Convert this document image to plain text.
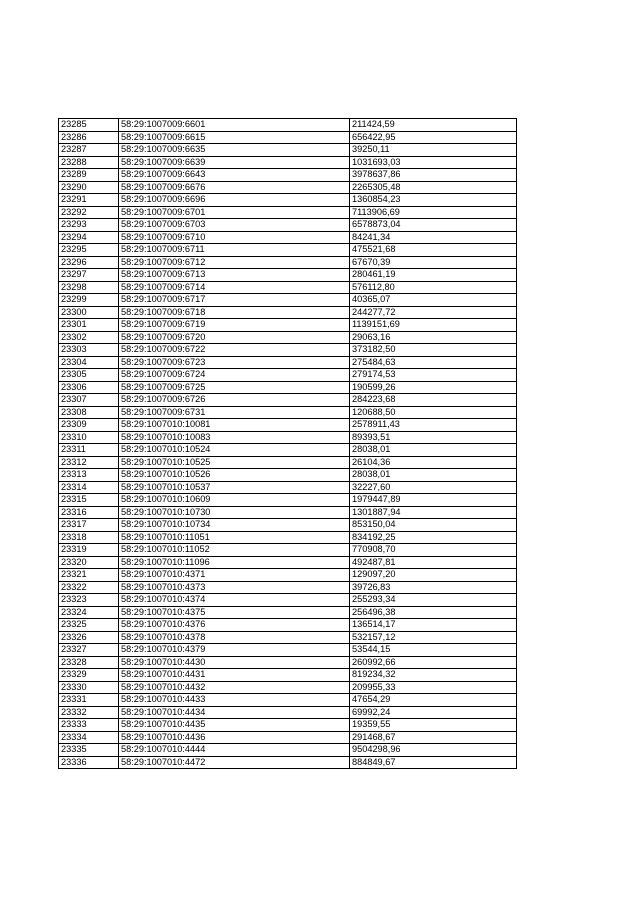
23285	58:29:1007009:6601	211424,59
23286	58:29:1007009:6615	656422,95
23287	58:29:1007009:6635	39250,11
23288	58:29:1007009:6639	1031693,03
23289	58:29:1007009:6643	3978637,86
23290	58:29:1007009:6676	2265305,48
23291	58:29:1007009:6696	1360854,23
23292	58:29:1007009:6701	7113906,69
23293	58:29:1007009:6703	6578873,04
23294	58:29:1007009:6710	84241,34
23295	58:29:1007009:6711	475521,68
23296	58:29:1007009:6712	67670,39
23297	58:29:1007009:6713	280461,19
23298	58:29:1007009:6714	576112,80
23299	58:29:1007009:6717	40365,07
23300	58:29:1007009:6718	244277,72
23301	58:29:1007009:6719	1139151,69
23302	58:29:1007009:6720	29063,16
23303	58:29:1007009:6722	373182,50
23304	58:29:1007009:6723	275484,63
23305	58:29:1007009:6724	279174,53
23306	58:29:1007009:6725	190599,26
23307	58:29:1007009:6726	284223,68
23308	58:29:1007009:6731	120688,50
23309	58:29:1007010:10081	2578911,43
23310	58:29:1007010:10083	89393,51
23311	58:29:1007010:10524	28038,01
23312	58:29:1007010:10525	26104,36
23313	58:29:1007010:10526	28038,01
23314	58:29:1007010:10537	32227,60
23315	58:29:1007010:10609	1979447,89
23316	58:29:1007010:10730	1301887,94
23317	58:29:1007010:10734	853150,04
23318	58:29:1007010:11051	834192,25
23319	58:29:1007010:11052	770908,70
23320	58:29:1007010:11096	492487,81
23321	58:29:1007010:4371	129097,20
23322	58:29:1007010:4373	39726,83
23323	58:29:1007010:4374	255293,34
23324	58:29:1007010:4375	256496,38
23325	58:29:1007010:4376	136514,17
23326	58:29:1007010:4378	532157,12
23327	58:29:1007010:4379	53544,15
23328	58:29:1007010:4430	260992,66
23329	58:29:1007010:4431	819234,32
23330	58:29:1007010:4432	209955,33
23331	58:29:1007010:4433	47654,29
23332	58:29:1007010:4434	69992,24
23333	58:29:1007010:4435	19359,55
23334	58:29:1007010:4436	291468,67
23335	58:29:1007010:4444	9504298,96
23336	58:29:1007010:4472	884849,67
